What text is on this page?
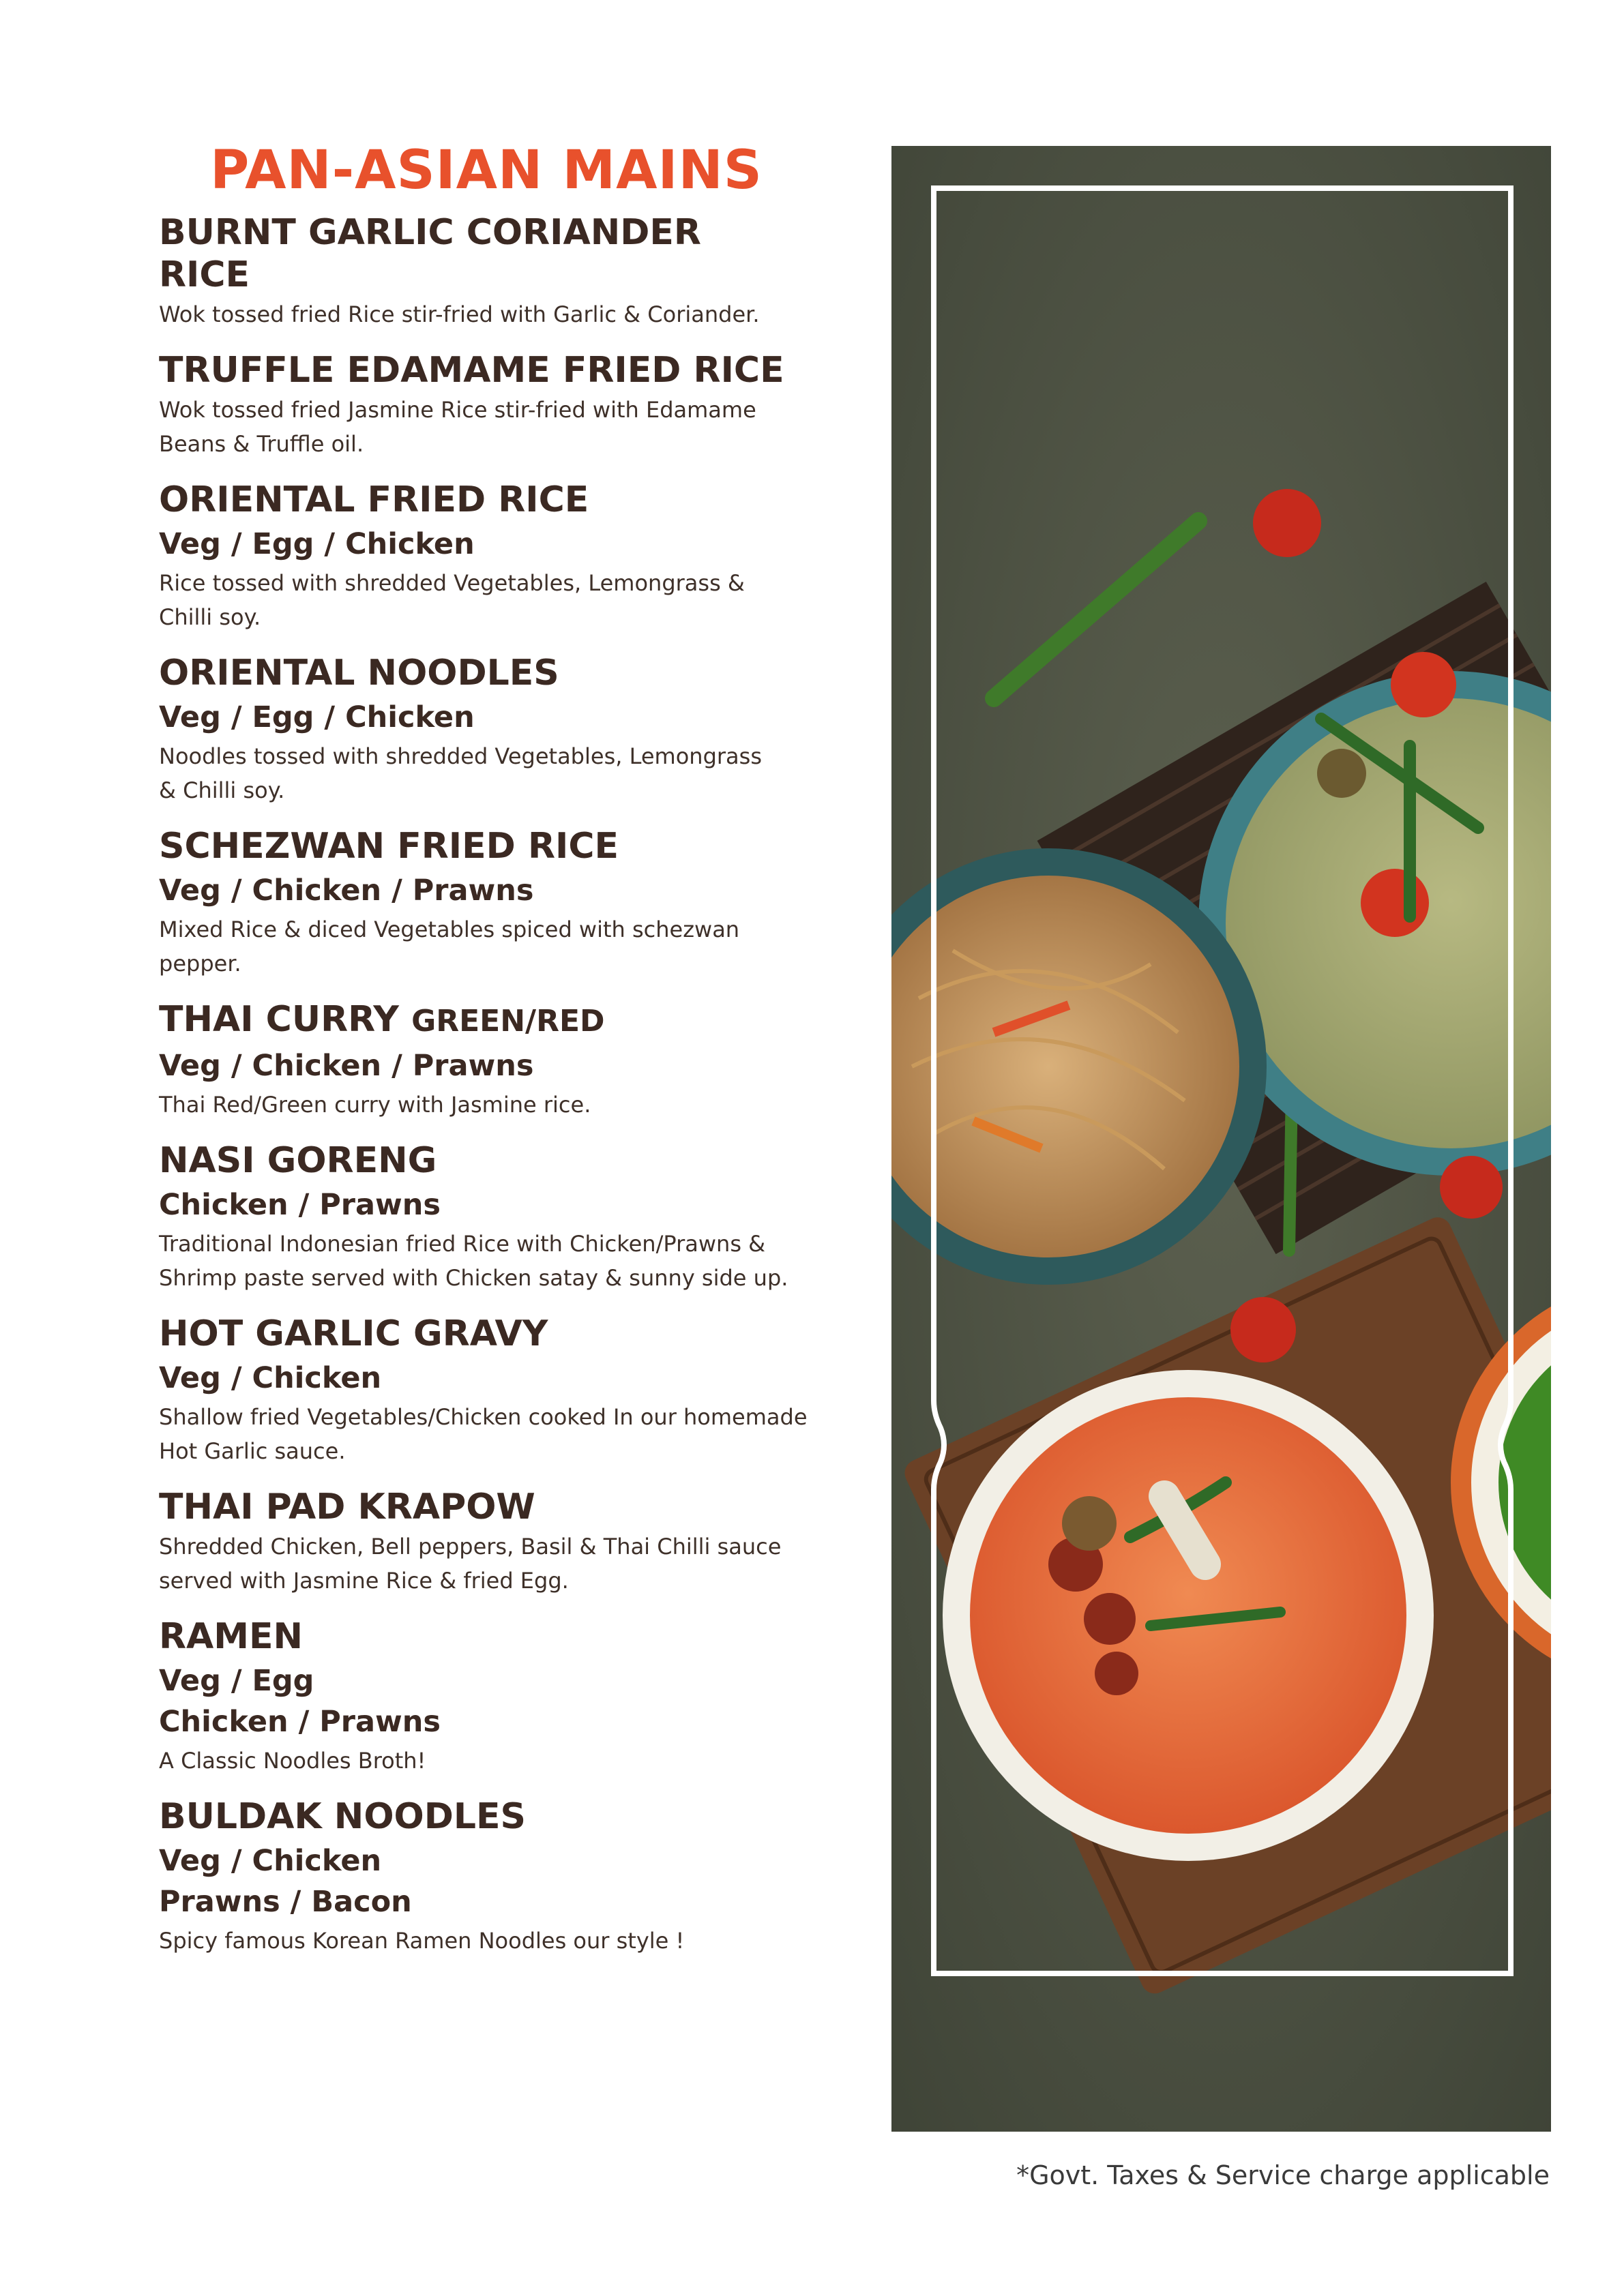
PAN-ASIAN MAINS
BURNT GARLIC CORIANDER
RICE
Wok tossed fried Rice stir-fried with Garlic & Coriander.
TRUFFLE EDAMAME FRIED RICE
Wok tossed fried Jasmine Rice stir-fried with Edamame
Beans & Truffle oil.
ORIENTAL FRIED RICE
Veg / Egg / Chicken
Rice tossed with shredded Vegetables, Lemongrass &
Chilli soy.
ORIENTAL NOODLES
Veg / Egg / Chicken
Noodles tossed with shredded Vegetables, Lemongrass
& Chilli soy.
SCHEZWAN FRIED RICE
Veg / Chicken / Prawns
Mixed Rice & diced Vegetables spiced with schezwan
pepper.
THAI CURRY GREEN/RED
Veg / Chicken / Prawns
Thai Red/Green curry with Jasmine rice.
NASI GORENG
Chicken / Prawns
Traditional Indonesian fried Rice with Chicken/Prawns &
Shrimp paste served with Chicken satay & sunny side up.
HOT GARLIC GRAVY
Veg / Chicken
Shallow fried Vegetables/Chicken cooked In our homemade
Hot Garlic sauce.
THAI PAD KRAPOW
Shredded Chicken, Bell peppers, Basil & Thai Chilli sauce
served with Jasmine Rice & fried Egg.
RAMEN
Veg / Egg
Chicken / Prawns
A Classic Noodles Broth!
BULDAK NOODLES
Veg / Chicken
Prawns / Bacon
Spicy famous Korean Ramen Noodles our style !
*Govt. Taxes & Service charge applicable
